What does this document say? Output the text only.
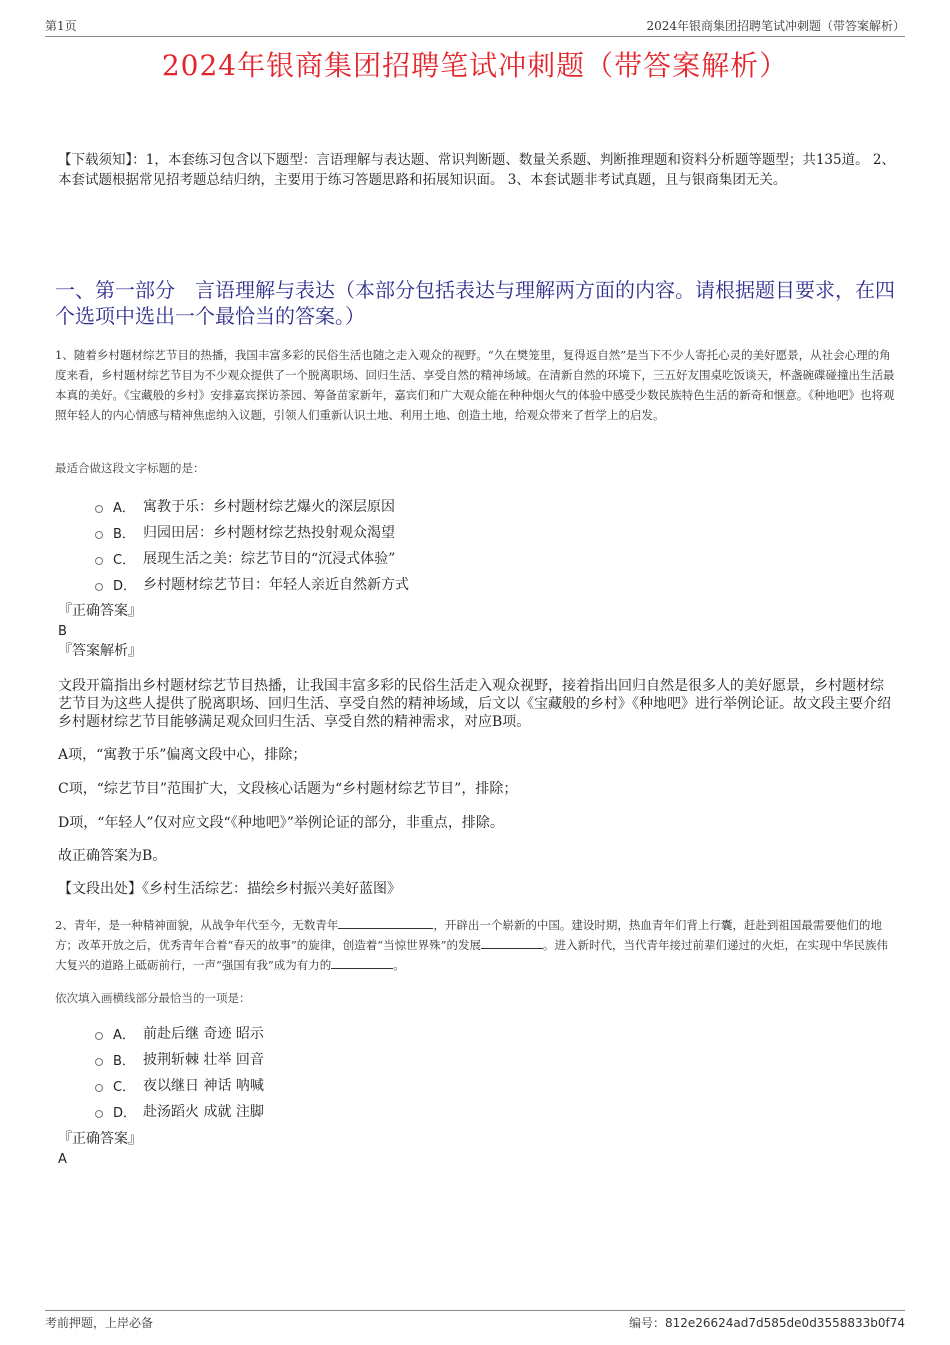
第1页	2024年银商集团招聘笔试冲刺题（带答案解析）
2024年银商集团招聘笔试冲刺题（带答案解析）
【下载须知】：1，本套练习包含以下题型：言语理解与表达题、常识判断题、数量关系题、判断推理题和资料分析题等题型；共135道。 2、本套试题根据常见招考题总结归纳，主要用于练习答题思路和拓展知识面。 3、本套试题非考试真题，且与银商集团无关。
一、第一部分　言语理解与表达（本部分包括表达与理解两方面的内容。请根据题目要求，在四个选项中选出一个最恰当的答案。）
1、随着乡村题材综艺节目的热播，我国丰富多彩的民俗生活也随之走入观众的视野。“久在樊笼里，复得返自然”是当下不少人寄托心灵的美好愿景，从社会心理的角度来看，乡村题材综艺节目为不少观众提供了一个脱离职场、回归生活、享受自然的精神场域。在清新自然的环境下，三五好友围桌吃饭谈天，杯盏碗碟碰撞出生活最本真的美好。《宝藏般的乡村》安排嘉宾探访茶园、筹备苗家新年，嘉宾们和广大观众能在种种烟火气的体验中感受少数民族特色生活的新奇和惬意。《种地吧》也将观照年轻人的内心情感与精神焦虑纳入议题，引领人们重新认识土地、利用土地、创造土地，给观众带来了哲学上的启发。
最适合做这段文字标题的是：
A． 寓教于乐：乡村题材综艺爆火的深层原因
B． 归园田居：乡村题材综艺热投射观众渴望
C． 展现生活之美：综艺节目的“沉浸式体验”
D． 乡村题材综艺节目：年轻人亲近自然新方式
『正确答案』
B
『答案解析』
文段开篇指出乡村题材综艺节目热播，让我国丰富多彩的民俗生活走入观众视野，接着指出回归自然是很多人的美好愿景，乡村题材综艺节目为这些人提供了脱离职场、回归生活、享受自然的精神场域，后文以《宝藏般的乡村》《种地吧》进行举例论证。故文段主要介绍乡村题材综艺节目能够满足观众回归生活、享受自然的精神需求，对应B项。
A项，“寓教于乐”偏离文段中心，排除；
C项，“综艺节目”范围扩大，文段核心话题为“乡村题材综艺节目”，排除；
D项，“年轻人”仅对应文段“《种地吧》”举例论证的部分，非重点，排除。
故正确答案为B。
【文段出处】《乡村生活综艺：描绘乡村振兴美好蓝图》
2、青年，是一种精神面貌，从战争年代至今，无数青年	，开辟出一个崭新的中国。建设时期，热血青年们背上行囊，赶赴到祖国最需要他们的地方；改革开放之后，优秀青年合着“春天的故事”的旋律，创造着“当惊世界殊”的发展	。进入新时代，当代青年接过前辈们递过的火炬，在实现中华民族伟大复兴的道路上砥砺前行，一声“强国有我”成为有力的	。
依次填入画横线部分最恰当的一项是：
A． 前赴后继 奇迹 昭示
B． 披荆斩棘 壮举 回音
C． 夜以继日 神话 呐喊
D． 赴汤蹈火 成就 注脚
『正确答案』
A
考前押题，上岸必备	编号：812e26624ad7d585de0d3558833b0f74
